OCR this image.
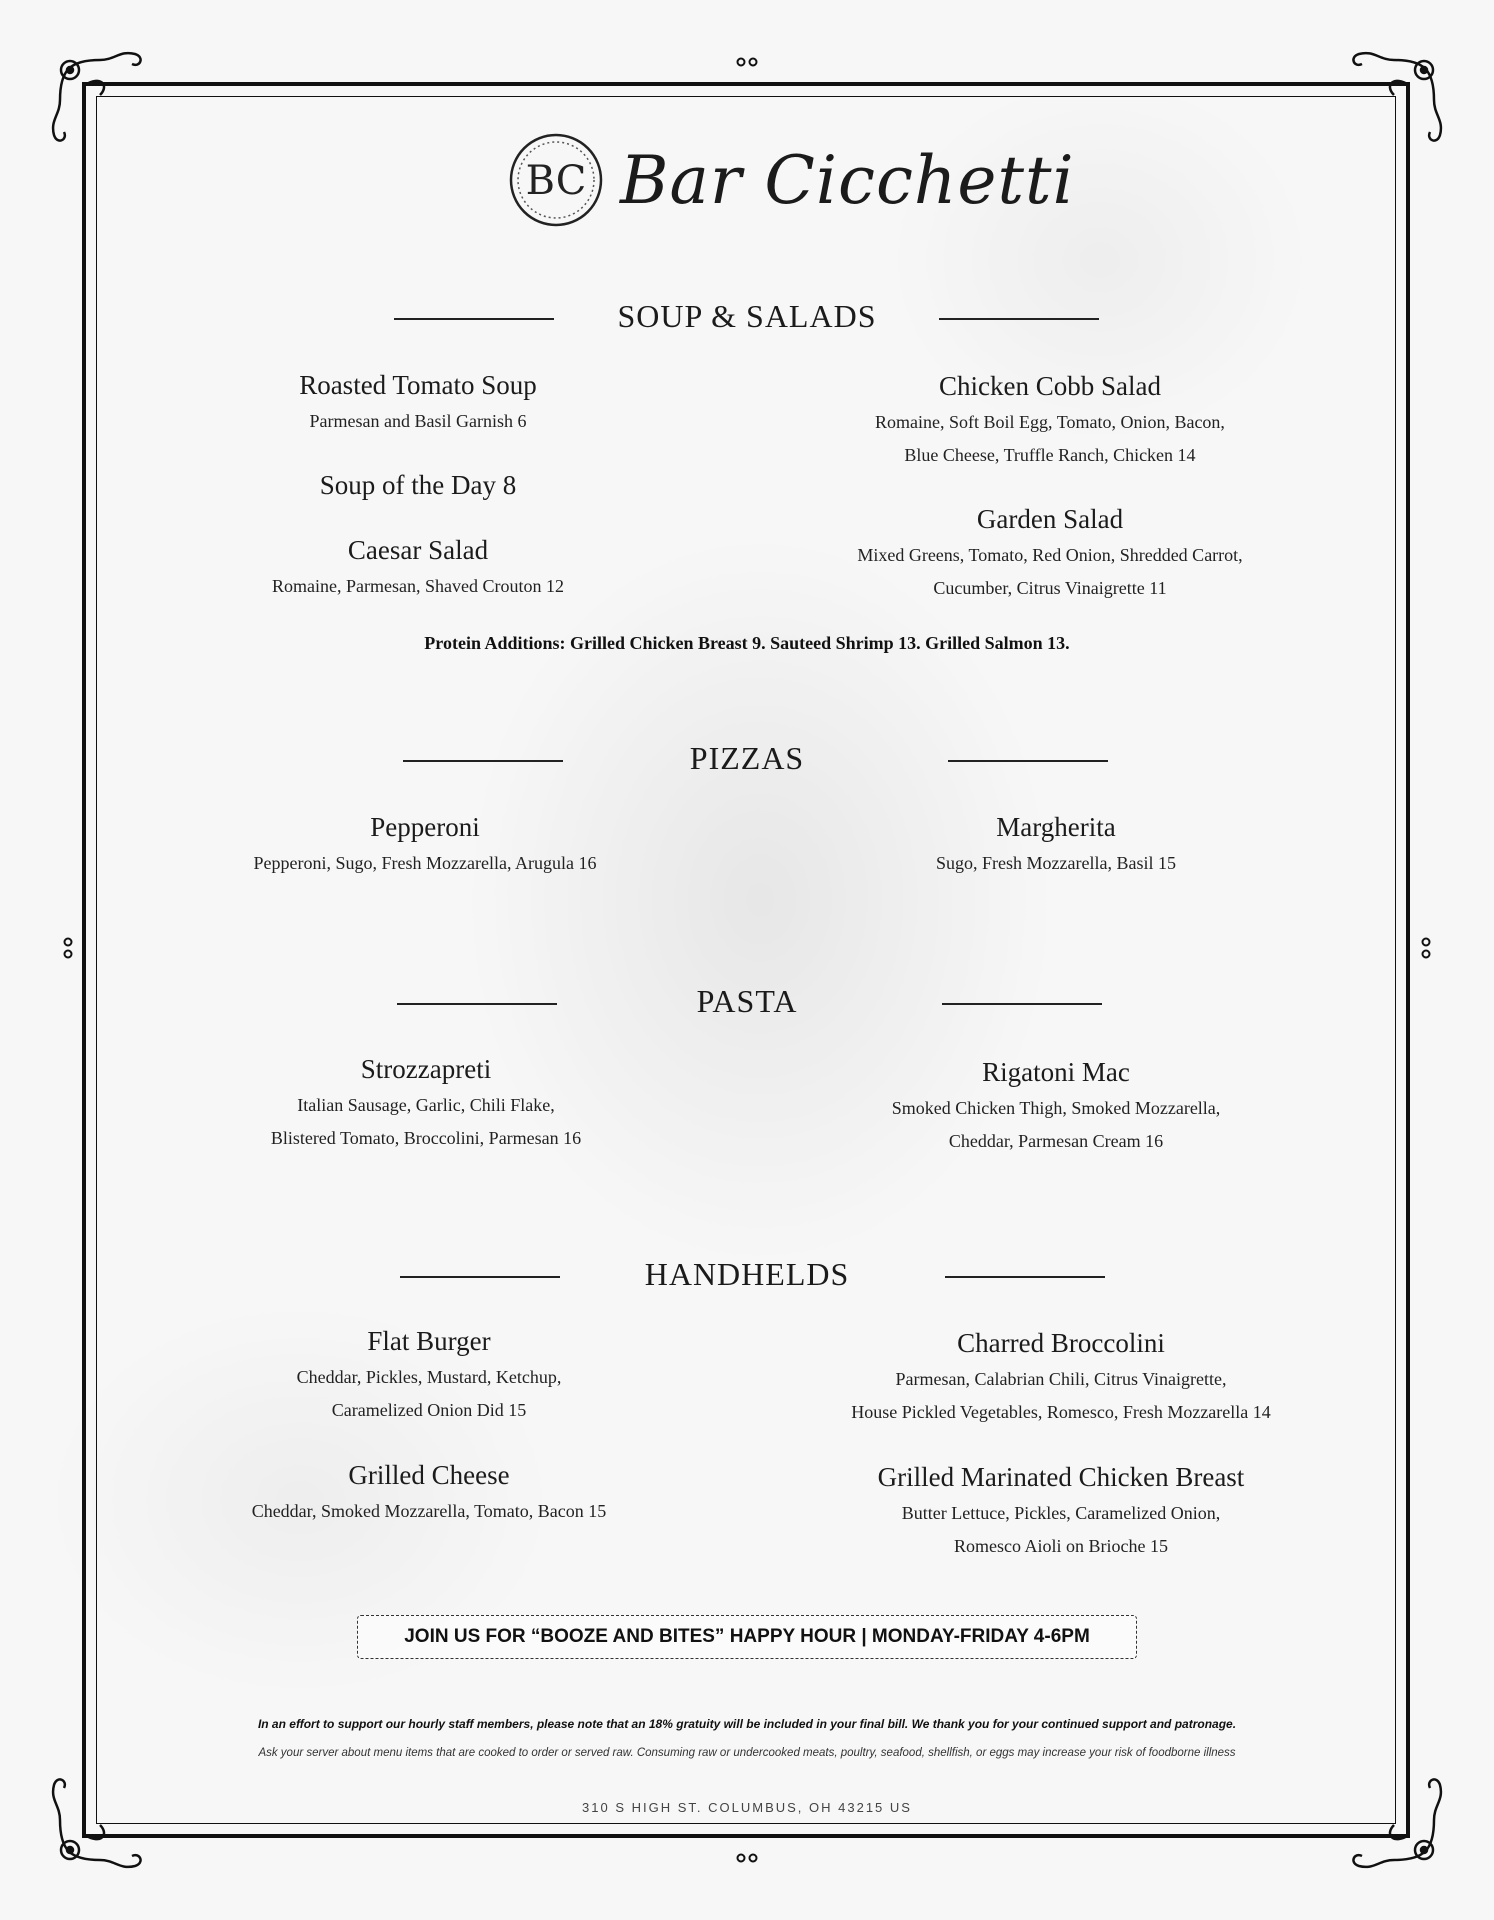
BC Bar Cicchetti
SOUP & SALADS
Roasted Tomato Soup
Parmesan and Basil Garnish 6
Soup of the Day 8
Caesar Salad
Romaine, Parmesan, Shaved Crouton 12
Chicken Cobb Salad
Romaine, Soft Boil Egg, Tomato, Onion, Bacon,
Blue Cheese, Truffle Ranch, Chicken 14
Garden Salad
Mixed Greens, Tomato, Red Onion, Shredded Carrot,
Cucumber, Citrus Vinaigrette 11
Protein Additions: Grilled Chicken Breast 9. Sauteed Shrimp 13. Grilled Salmon 13.
PIZZAS
Pepperoni
Pepperoni, Sugo, Fresh Mozzarella, Arugula 16
Margherita
Sugo, Fresh Mozzarella, Basil 15
PASTA
Strozzapreti
Italian Sausage, Garlic, Chili Flake,
Blistered Tomato, Broccolini, Parmesan 16
Rigatoni Mac
Smoked Chicken Thigh, Smoked Mozzarella,
Cheddar, Parmesan Cream 16
HANDHELDS
Flat Burger
Cheddar, Pickles, Mustard, Ketchup,
Caramelized Onion Did 15
Grilled Cheese
Cheddar, Smoked Mozzarella, Tomato, Bacon 15
Charred Broccolini
Parmesan, Calabrian Chili, Citrus Vinaigrette,
House Pickled Vegetables, Romesco, Fresh Mozzarella 14
Grilled Marinated Chicken Breast
Butter Lettuce, Pickles, Caramelized Onion,
Romesco Aioli on Brioche 15
JOIN US FOR “BOOZE AND BITES” HAPPY HOUR | MONDAY-FRIDAY 4-6PM
In an effort to support our hourly staff members, please note that an 18% gratuity will be included in your final bill. We thank you for your continued support and patronage.
Ask your server about menu items that are cooked to order or served raw. Consuming raw or undercooked meats, poultry, seafood, shellfish, or eggs may increase your risk of foodborne illness
310 S HIGH ST. COLUMBUS, OH 43215 US
